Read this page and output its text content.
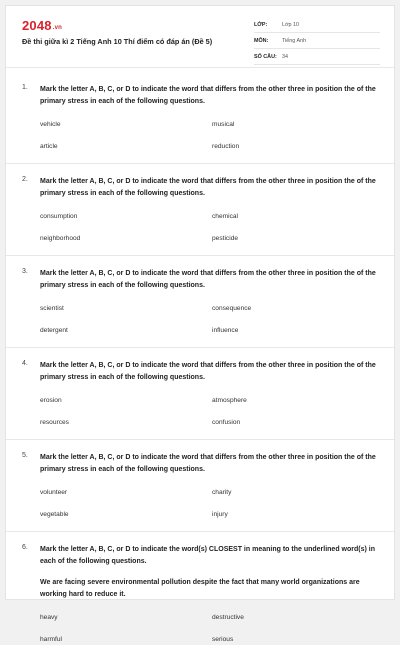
2048.vn
Đề thi giữa kì 2 Tiếng Anh 10 Thí điểm có đáp án (Đề 5)
LỚP:	Lớp 10
MÔN:	Tiếng Anh
SỐ CÂU: 34
1. Mark the letter A, B, C, or D to indicate the word that differs from the other three in position the of the primary stress in each of the following questions.
vehicle	musical
article	reduction
2. Mark the letter A, B, C, or D to indicate the word that differs from the other three in position the of the primary stress in each of the following questions.
consumption	chemical
neighborhood	pesticide
3. Mark the letter A, B, C, or D to indicate the word that differs from the other three in position the of the primary stress in each of the following questions.
scientist	consequence
detergent	influence
4. Mark the letter A, B, C, or D to indicate the word that differs from the other three in position the of the primary stress in each of the following questions.
erosion	atmosphere
resources	confusion
5. Mark the letter A, B, C, or D to indicate the word that differs from the other three in position the of the primary stress in each of the following questions.
volunteer	charity
vegetable	injury
6. Mark the letter A, B, C, or D to indicate the word(s) CLOSEST in meaning to the underlined word(s) in each of the following questions.
We are facing severe environmental pollution despite the fact that many world organizations are working hard to reduce it.
heavy	destructive
harmful	serious
